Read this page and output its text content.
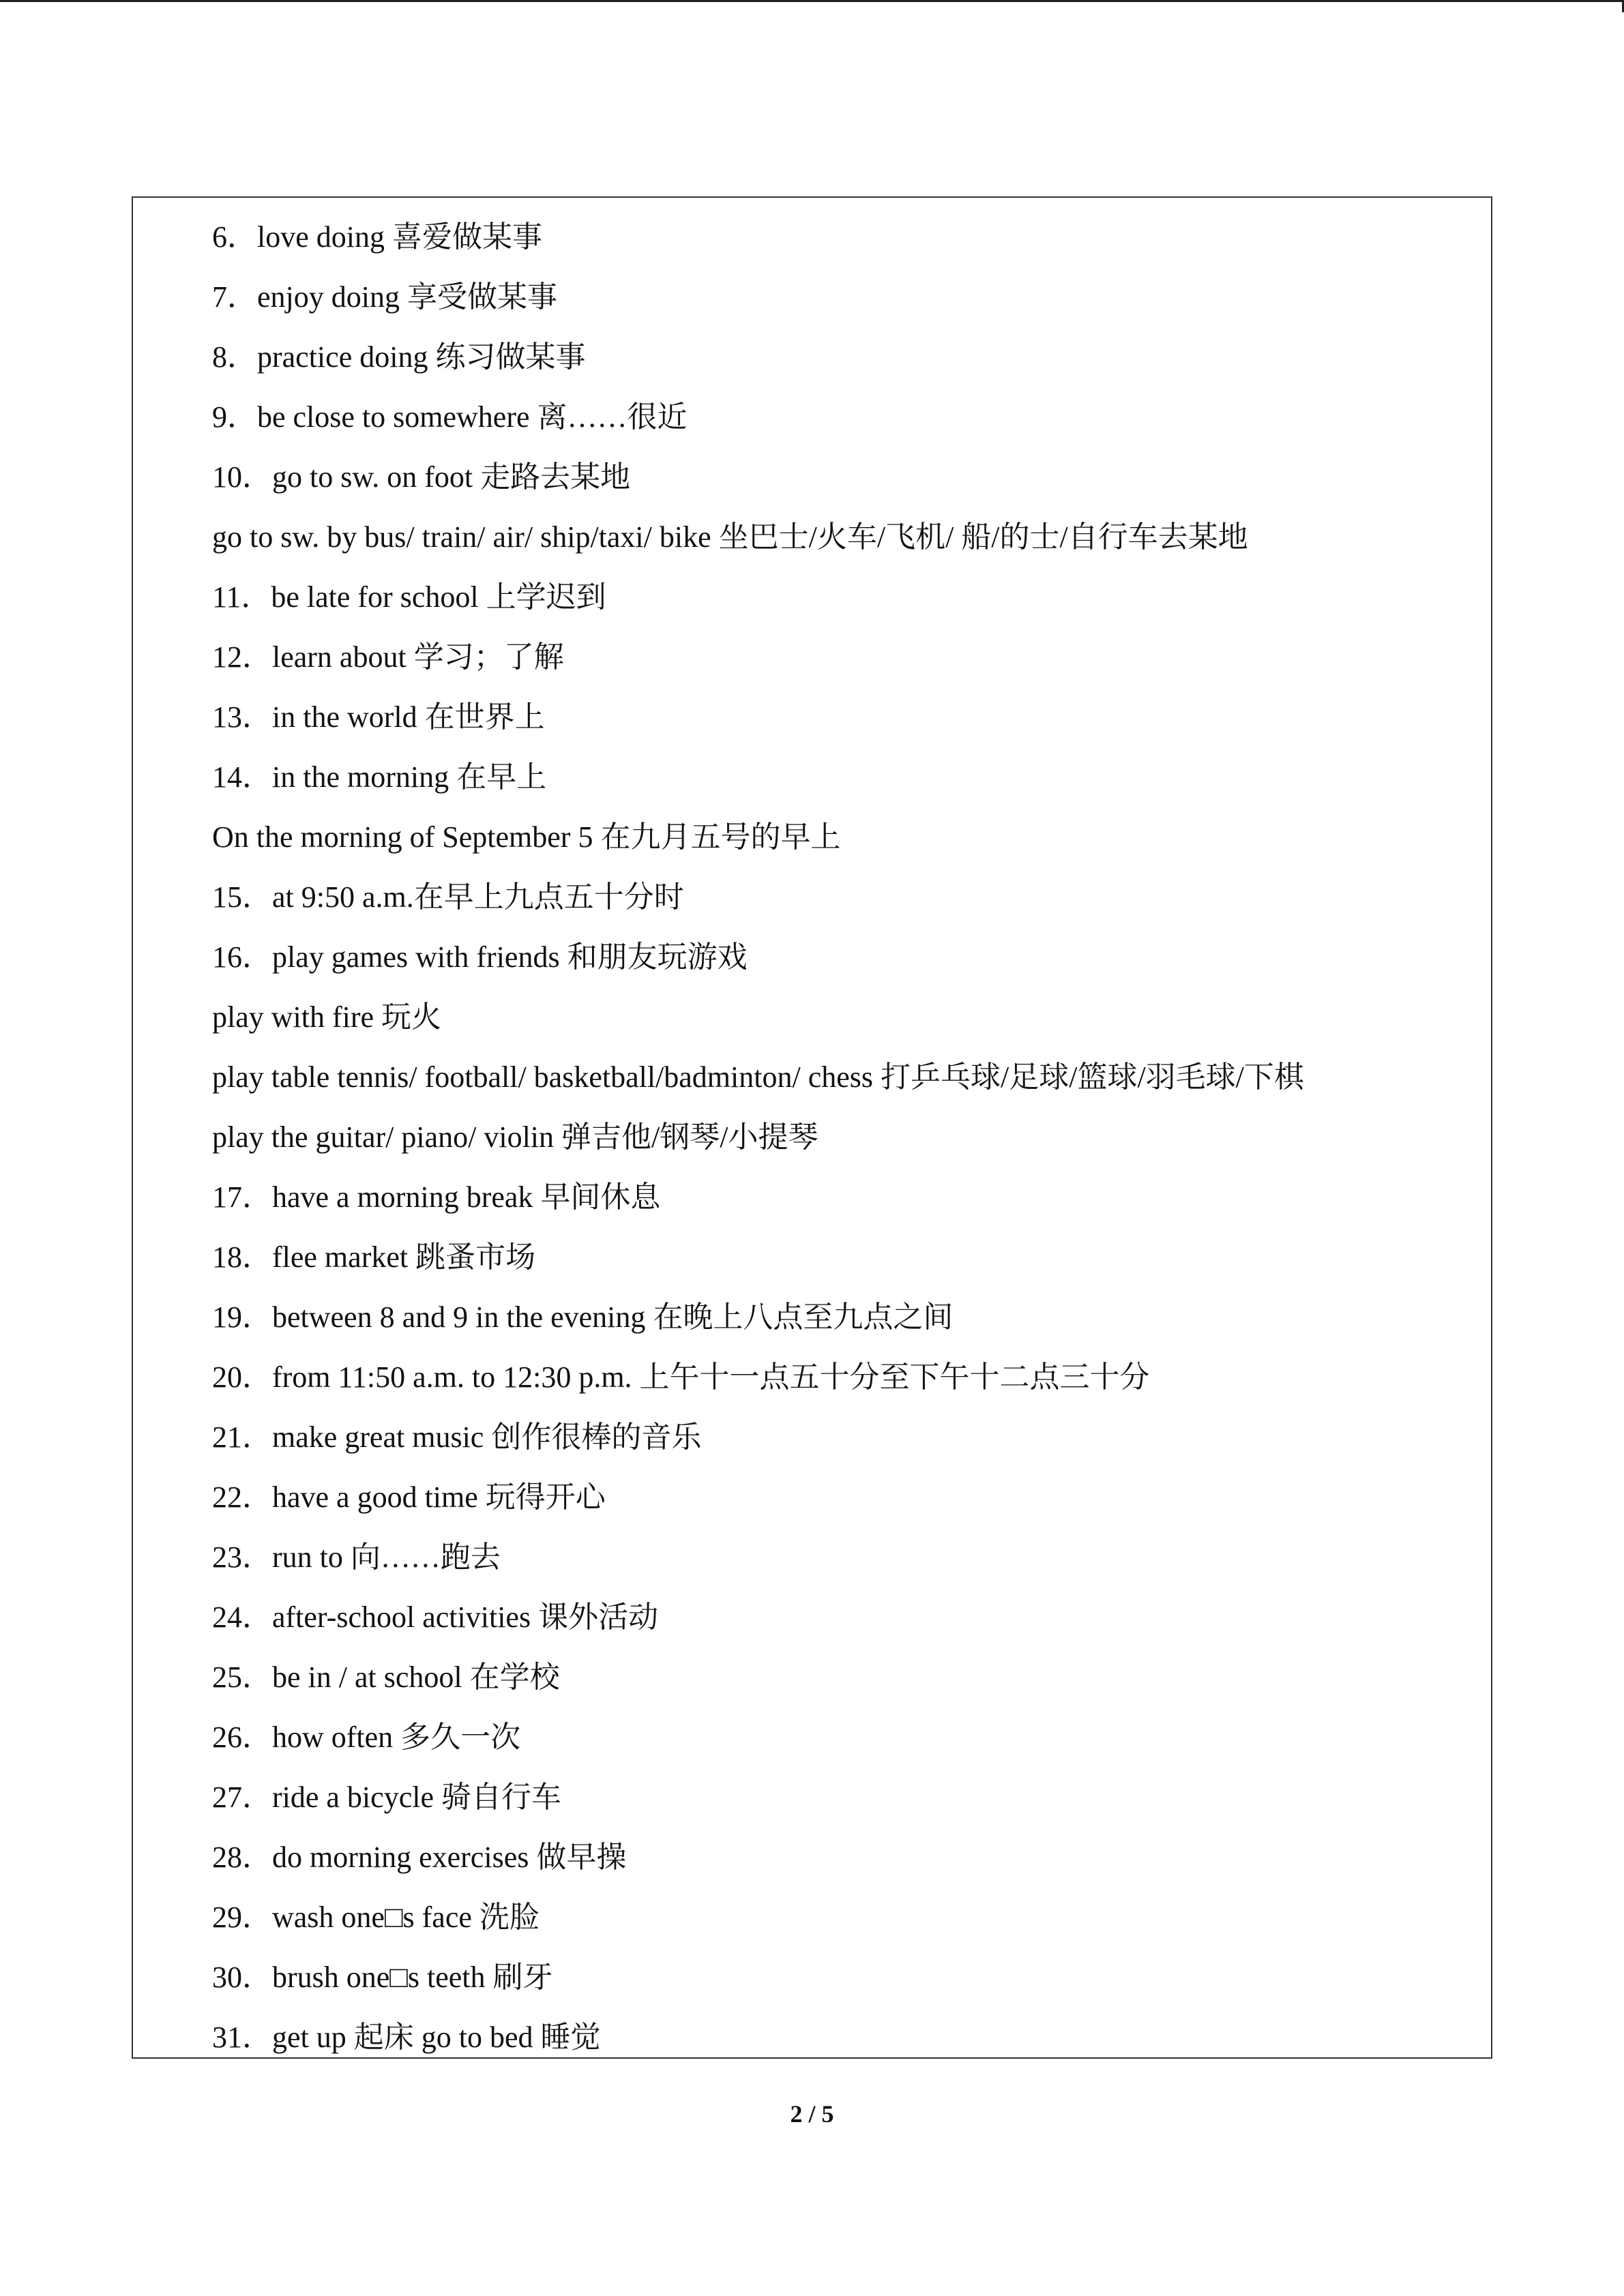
6．love doing 喜爱做某事
7．enjoy doing 享受做某事
8．practice doing 练习做某事
9．be close to somewhere 离……很近
10．go to sw. on foot 走路去某地
go to sw. by bus/ train/ air/ ship/taxi/ bike 坐巴士/火车/飞机/ 船/的士/自行车去某地
11．be late for school 上学迟到
12．learn about 学习；了解
13．in the world 在世界上
14．in the morning 在早上
On the morning of September 5 在九月五号的早上
15．at 9:50 a.m.在早上九点五十分时
16．play games with friends 和朋友玩游戏
play with fire 玩火
play table tennis/ football/ basketball/badminton/ chess 打乒乓球/足球/篮球/羽毛球/下棋
play the guitar/ piano/ violin 弹吉他/钢琴/小提琴
17．have a morning break 早间休息
18．flee market 跳蚤市场
19．between 8 and 9 in the evening 在晚上八点至九点之间
20．from 11:50 a.m. to 12:30 p.m. 上午十一点五十分至下午十二点三十分
21．make great music 创作很棒的音乐
22．have a good time 玩得开心
23．run to 向……跑去
24．after-school activities 课外活动
25．be in / at school 在学校
26．how often 多久一次
27．ride a bicycle 骑自行车
28．do morning exercises 做早操
29．wash one□s face 洗脸
30．brush one□s teeth 刷牙
31．get up 起床 go to bed 睡觉
2 / 5
